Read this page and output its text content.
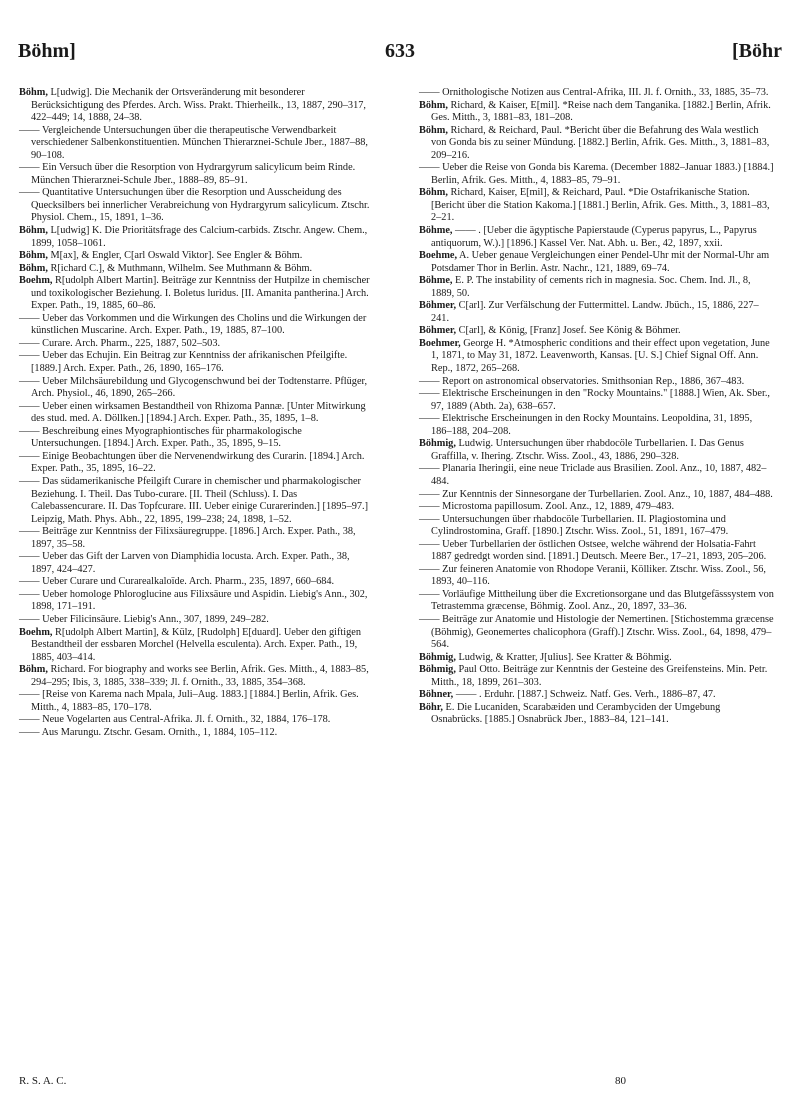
Böhm]	633	[Böhr
Böhm, L[udwig]. Die Mechanik der Ortsveränderung mit besonderer Berücksichtigung des Pferdes. Arch. Wiss. Prakt. Thierheilk., 13, 1887, 290–317, 422–449; 14, 1888, 24–38.
—— Vergleichende Untersuchungen über die therapeutische Verwendbarkeit verschiedener Salbenkonstituentien. München Thierarznei-Schule Jber., 1887–88, 90–108.
—— Ein Versuch über die Resorption von Hydrargyrum salicylicum beim Rinde. München Thierarznei-Schule Jber., 1888–89, 85–91.
—— Quantitative Untersuchungen über die Resorption und Ausscheidung des Quecksilbers bei innerlicher Verabreichung von Hydrargyrum salicylicum. Ztschr. Physiol. Chem., 15, 1891, 1–36.
Böhm, L[udwig] K. Die Prioritätsfrage des Calcium-carbids. Ztschr. Angew. Chem., 1899, 1058–1061.
Böhm, M[ax], & Engler, C[arl Oswald Viktor]. See Engler & Böhm.
Böhm, R[ichard C.], & Muthmann, Wilhelm. See Muthmann & Böhm.
Boehm, R[udolph Albert Martin]. Beiträge zur Kenntniss der Hutpilze in chemischer und toxikologischer Beziehung. I. Boletus luridus. [II. Amanita pantherina.] Arch. Exper. Path., 19, 1885, 60–86.
—— Ueber das Vorkommen und die Wirkungen des Cholins und die Wirkungen der künstlichen Muscarine. Arch. Exper. Path., 19, 1885, 87–100.
—— Curare. Arch. Pharm., 225, 1887, 502–503.
—— Ueber das Echujin. Ein Beitrag zur Kenntniss der afrikanischen Pfeilgifte. [1889.] Arch. Exper. Path., 26, 1890, 165–176.
—— Ueber Milchsäurebildung und Glycogenschwund bei der Todtenstarre. Pflüger, Arch. Physiol., 46, 1890, 265–266.
—— Ueber einen wirksamen Bestandtheil von Rhizoma Pannæ. [Unter Mitwirkung des stud. med. A. Döllken.] [1894.] Arch. Exper. Path., 35, 1895, 1–8.
—— Beschreibung eines Myographiontisches für pharmakologische Untersuchungen. [1894.] Arch. Exper. Path., 35, 1895, 9–15.
—— Einige Beobachtungen über die Nervenendwirkung des Curarin. [1894.] Arch. Exper. Path., 35, 1895, 16–22.
—— Das südamerikanische Pfeilgift Curare in chemischer und pharmakologischer Beziehung. I. Theil. Das Tubo-curare. [II. Theil (Schluss). I. Das Calebassencurare. II. Das Topfcurare. III. Ueber einige Curarerinden.] [1895–97.] Leipzig, Math. Phys. Abh., 22, 1895, 199–238; 24, 1898, 1–52.
—— Beiträge zur Kenntniss der Filixsäuregruppe. [1896.] Arch. Exper. Path., 38, 1897, 35–58.
—— Ueber das Gift der Larven von Diamphidia locusta. Arch. Exper. Path., 38, 1897, 424–427.
—— Ueber Curare und Curarealkaloïde. Arch. Pharm., 235, 1897, 660–684.
—— Ueber homologe Phloroglucine aus Filixsäure und Aspidin. Liebig's Ann., 302, 1898, 171–191.
—— Ueber Filicinsäure. Liebig's Ann., 307, 1899, 249–282.
Boehm, R[udolph Albert Martin], & Külz, [Rudolph] E[duard]. Ueber den giftigen Bestandtheil der essbaren Morchel (Helvella esculenta). Arch. Exper. Path., 19, 1885, 403–414.
Böhm, Richard. For biography and works see Berlin, Afrik. Ges. Mitth., 4, 1883–85, 294–295; Ibis, 3, 1885, 338–339; Jl. f. Ornith., 33, 1885, 354–368.
—— [Reise von Karema nach Mpala, Juli–Aug. 1883.] [1884.] Berlin, Afrik. Ges. Mitth., 4, 1883–85, 170–178.
—— Neue Vogelarten aus Central-Afrika. Jl. f. Ornith., 32, 1884, 176–178.
—— Aus Marungu. Ztschr. Gesam. Ornith., 1, 1884, 105–112.
—— Ornithologische Notizen aus Central-Afrika, III. Jl. f. Ornith., 33, 1885, 35–73.
Böhm, Richard, & Kaiser, E[mil]. *Reise nach dem Tanganika. [1882.] Berlin, Afrik. Ges. Mitth., 3, 1881–83, 181–208.
Böhm, Richard, & Reichard, Paul. *Bericht über die Befahrung des Wala westlich von Gonda bis zu seiner Mündung. [1882.] Berlin, Afrik. Ges. Mitth., 3, 1881–83, 209–216.
—— Ueber die Reise von Gonda bis Karema. (December 1882–Januar 1883.) [1884.] Berlin, Afrik. Ges. Mitth., 4, 1883–85, 79–91.
Böhm, Richard, Kaiser, E[mil], & Reichard, Paul. *Die Ostafrikanische Station. [Bericht über die Station Kakoma.] [1881.] Berlin, Afrik. Ges. Mitth., 3, 1881–83, 2–21.
Böhme, —— . [Ueber die ägyptische Papierstaude (Cyperus papyrus, L., Papyrus antiquorum, W.).] [1896.] Kassel Ver. Nat. Abh. u. Ber., 42, 1897, xxii.
Boehme, A. Ueber genaue Vergleichungen einer Pendel-Uhr mit der Normal-Uhr am Potsdamer Thor in Berlin. Astr. Nachr., 121, 1889, 69–74.
Böhme, E. P. The instability of cements rich in magnesia. Soc. Chem. Ind. Jl., 8, 1889, 50.
Böhmer, C[arl]. Zur Verfälschung der Futtermittel. Landw. Jbüch., 15, 1886, 227–241.
Böhmer, C[arl], & König, [Franz] Josef. See König & Böhmer.
Boehmer, George H. *Atmospheric conditions and their effect upon vegetation, June 1, 1871, to May 31, 1872. Leavenworth, Kansas. [U. S.] Chief Signal Off. Ann. Rep., 1872, 265–268.
—— Report on astronomical observatories. Smithsonian Rep., 1886, 367–483.
—— Elektrische Erscheinungen in den "Rocky Mountains." [1888.] Wien, Ak. Sber., 97, 1889 (Abth. 2a), 638–657.
—— Elektrische Erscheinungen in den Rocky Mountains. Leopoldina, 31, 1895, 186–188, 204–208.
Böhmig, Ludwig. Untersuchungen über rhabdocöle Turbellarien. I. Das Genus Graffilla, v. Ihering. Ztschr. Wiss. Zool., 43, 1886, 290–328.
—— Planaria Iheringii, eine neue Triclade aus Brasilien. Zool. Anz., 10, 1887, 482–484.
—— Zur Kenntnis der Sinnesorgane der Turbellarien. Zool. Anz., 10, 1887, 484–488.
—— Microstoma papillosum. Zool. Anz., 12, 1889, 479–483.
—— Untersuchungen über rhabdocöle Turbellarien. II. Plagiostomina und Cylindrostomina, Graff. [1890.] Ztschr. Wiss. Zool., 51, 1891, 167–479.
—— Ueber Turbellarien der östlichen Ostsee, welche während der Holsatia-Fahrt 1887 gedredgt worden sind. [1891.] Deutsch. Meere Ber., 17–21, 1893, 205–206.
—— Zur feineren Anatomie von Rhodope Veranii, Kölliker. Ztschr. Wiss. Zool., 56, 1893, 40–116.
—— Vorläufige Mittheilung über die Excretionsorgane und das Blutgefässsystem von Tetrastemma græcense, Böhmig. Zool. Anz., 20, 1897, 33–36.
—— Beiträge zur Anatomie und Histologie der Nemertinen. [Stichostemma græcense (Böhmig), Geonemertes chalicophora (Graff).] Ztschr. Wiss. Zool., 64, 1898, 479–564.
Böhmig, Ludwig, & Kratter, J[ulius]. See Kratter & Böhmig.
Böhmig, Paul Otto. Beiträge zur Kenntnis der Gesteine des Greifensteins. Min. Petr. Mitth., 18, 1899, 261–303.
Böhner, —— . Erduhr. [1887.] Schweiz. Natf. Ges. Verh., 1886–87, 47.
Böhr, E. Die Lucaniden, Scarabæiden und Cerambyciden der Umgebung Osnabrücks. [1885.] Osnabrück Jber., 1883–84, 121–141.
R. S. A. C.	80
